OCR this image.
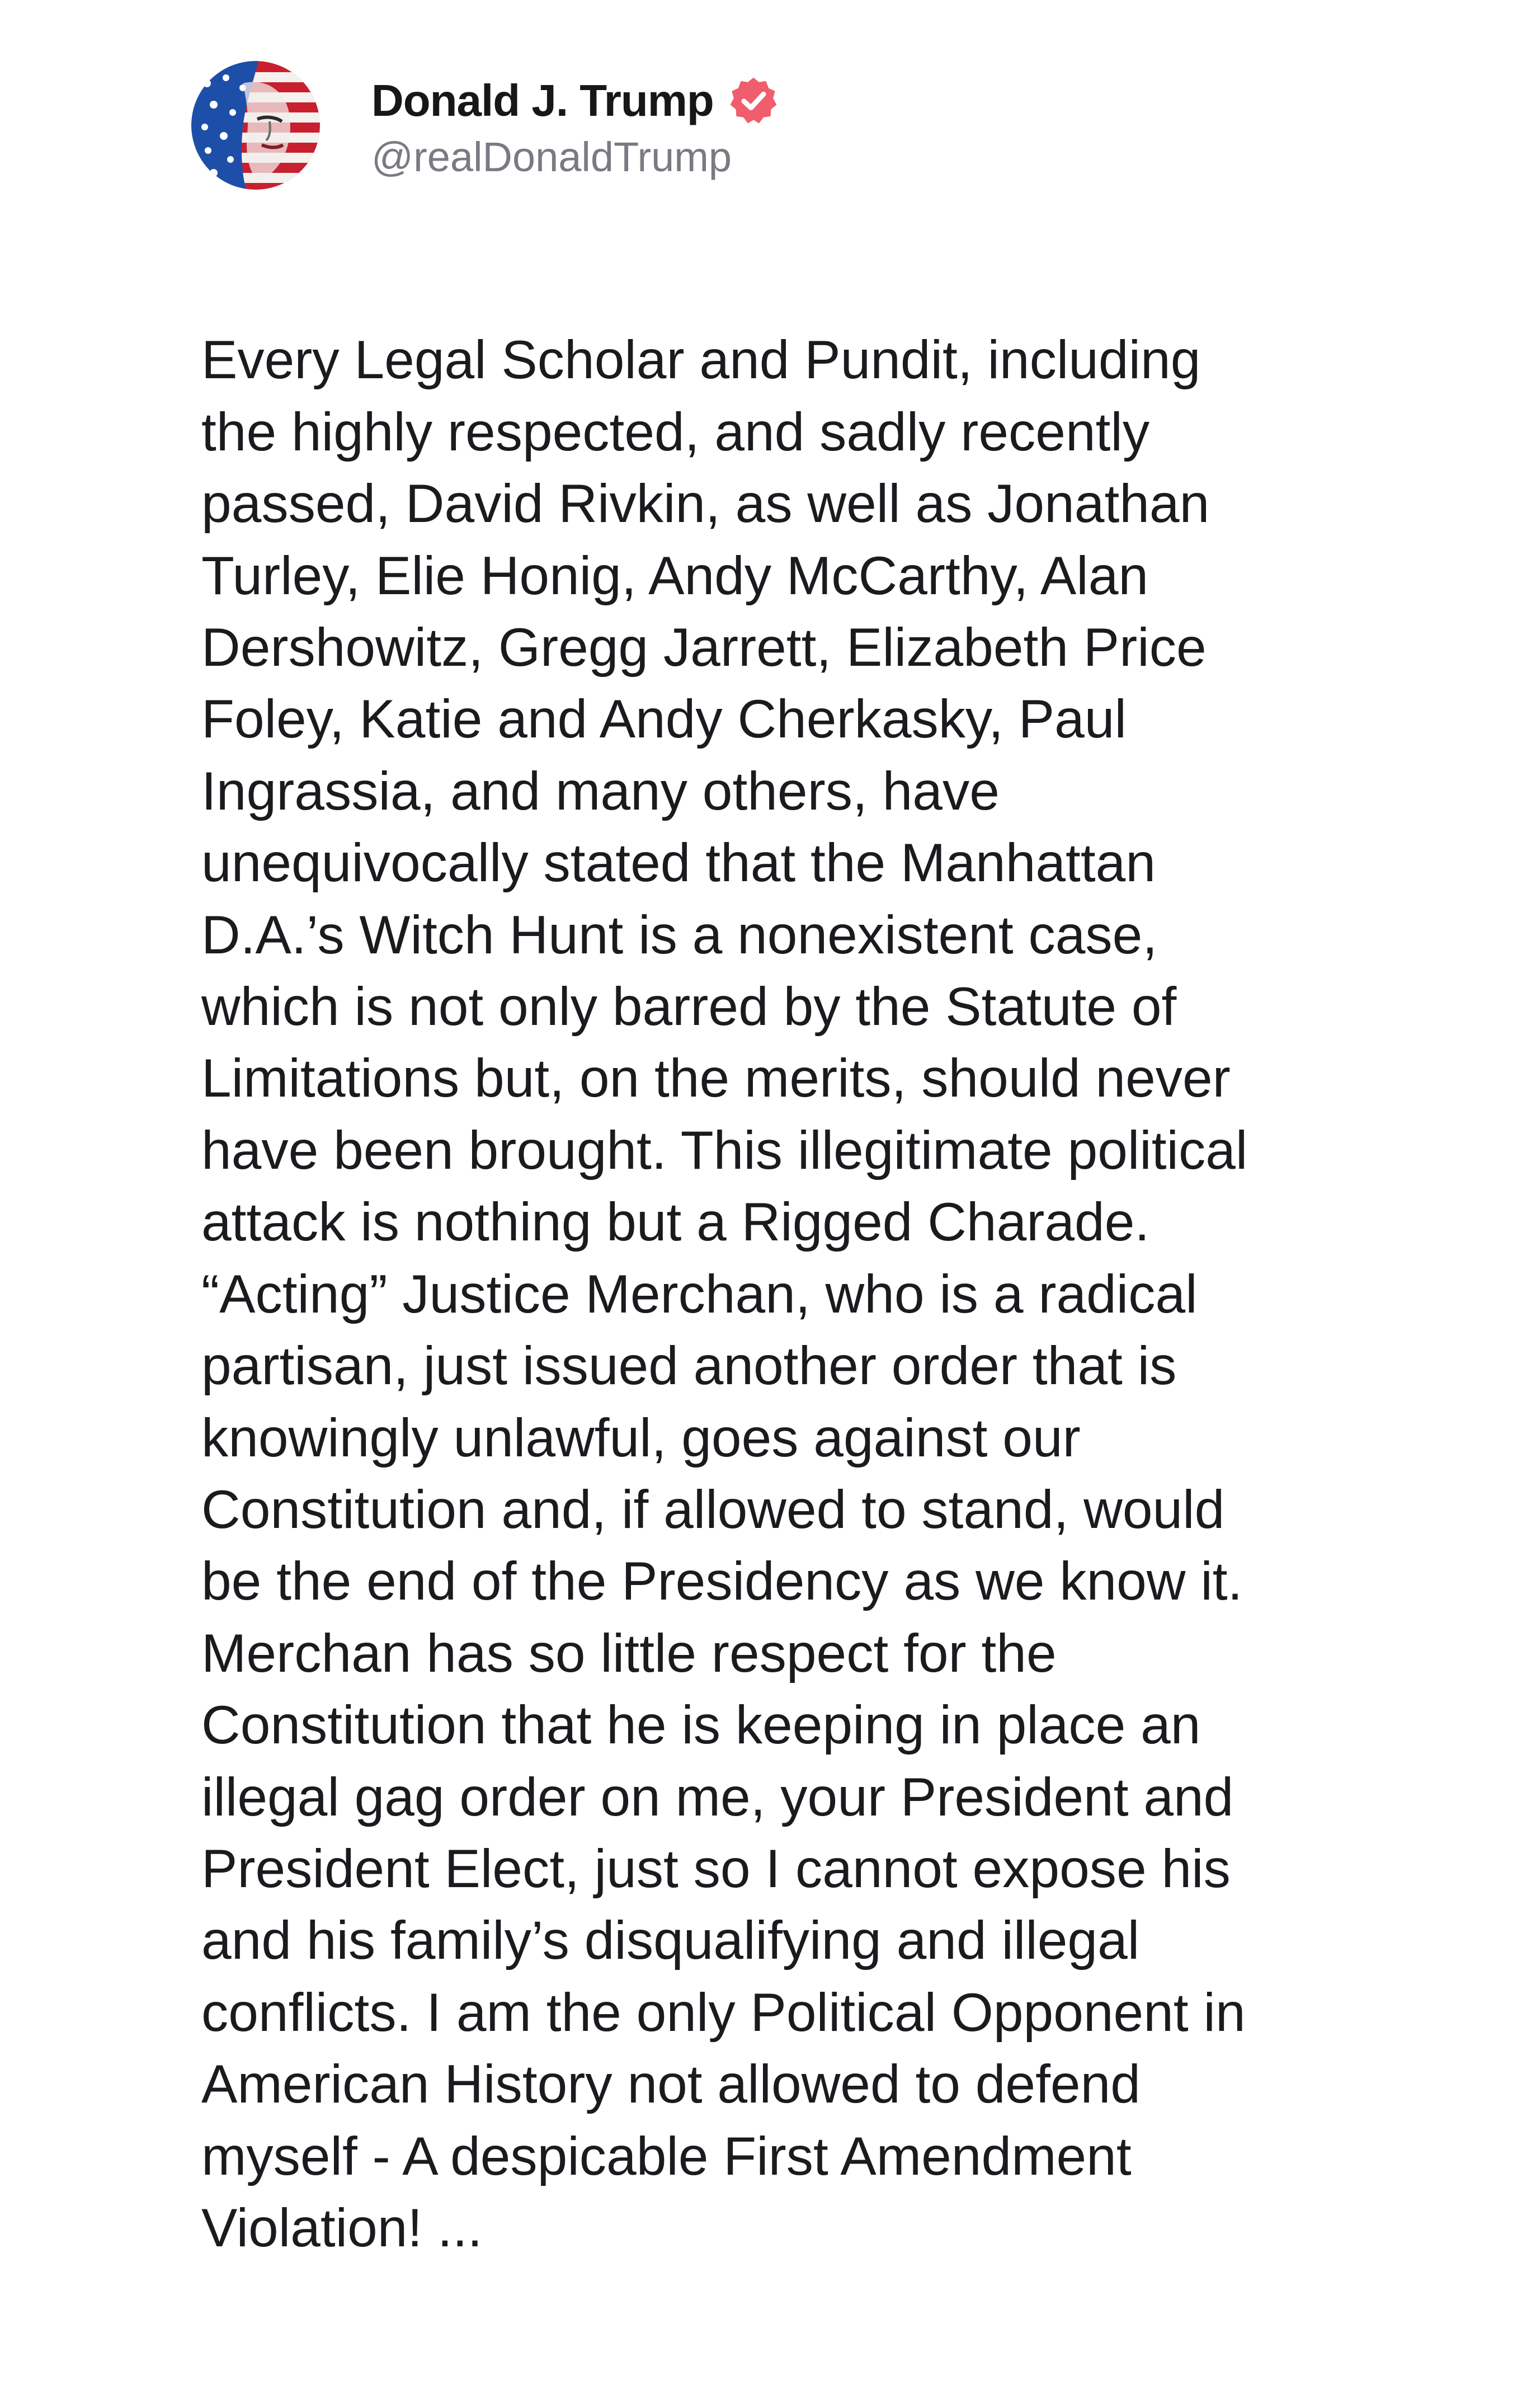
Donald J. Trump
@realDonaldTrump

Every Legal Scholar and Pundit, including
the highly respected, and sadly recently
passed, David Rivkin, as well as Jonathan
Turley, Elie Honig, Andy McCarthy, Alan
Dershowitz, Gregg Jarrett, Elizabeth Price
Foley, Katie and Andy Cherkasky, Paul
Ingrassia, and many others, have
unequivocally stated that the Manhattan
D.A.’s Witch Hunt is a nonexistent case,
which is not only barred by the Statute of
Limitations but, on the merits, should never
have been brought. This illegitimate political
attack is nothing but a Rigged Charade.
“Acting” Justice Merchan, who is a radical
partisan, just issued another order that is
knowingly unlawful, goes against our
Constitution and, if allowed to stand, would
be the end of the Presidency as we know it.
Merchan has so little respect for the
Constitution that he is keeping in place an
illegal gag order on me, your President and
President Elect, just so I cannot expose his
and his family’s disqualifying and illegal
conflicts. I am the only Political Opponent in
American History not allowed to defend
myself - A despicable First Amendment
Violation! ...
